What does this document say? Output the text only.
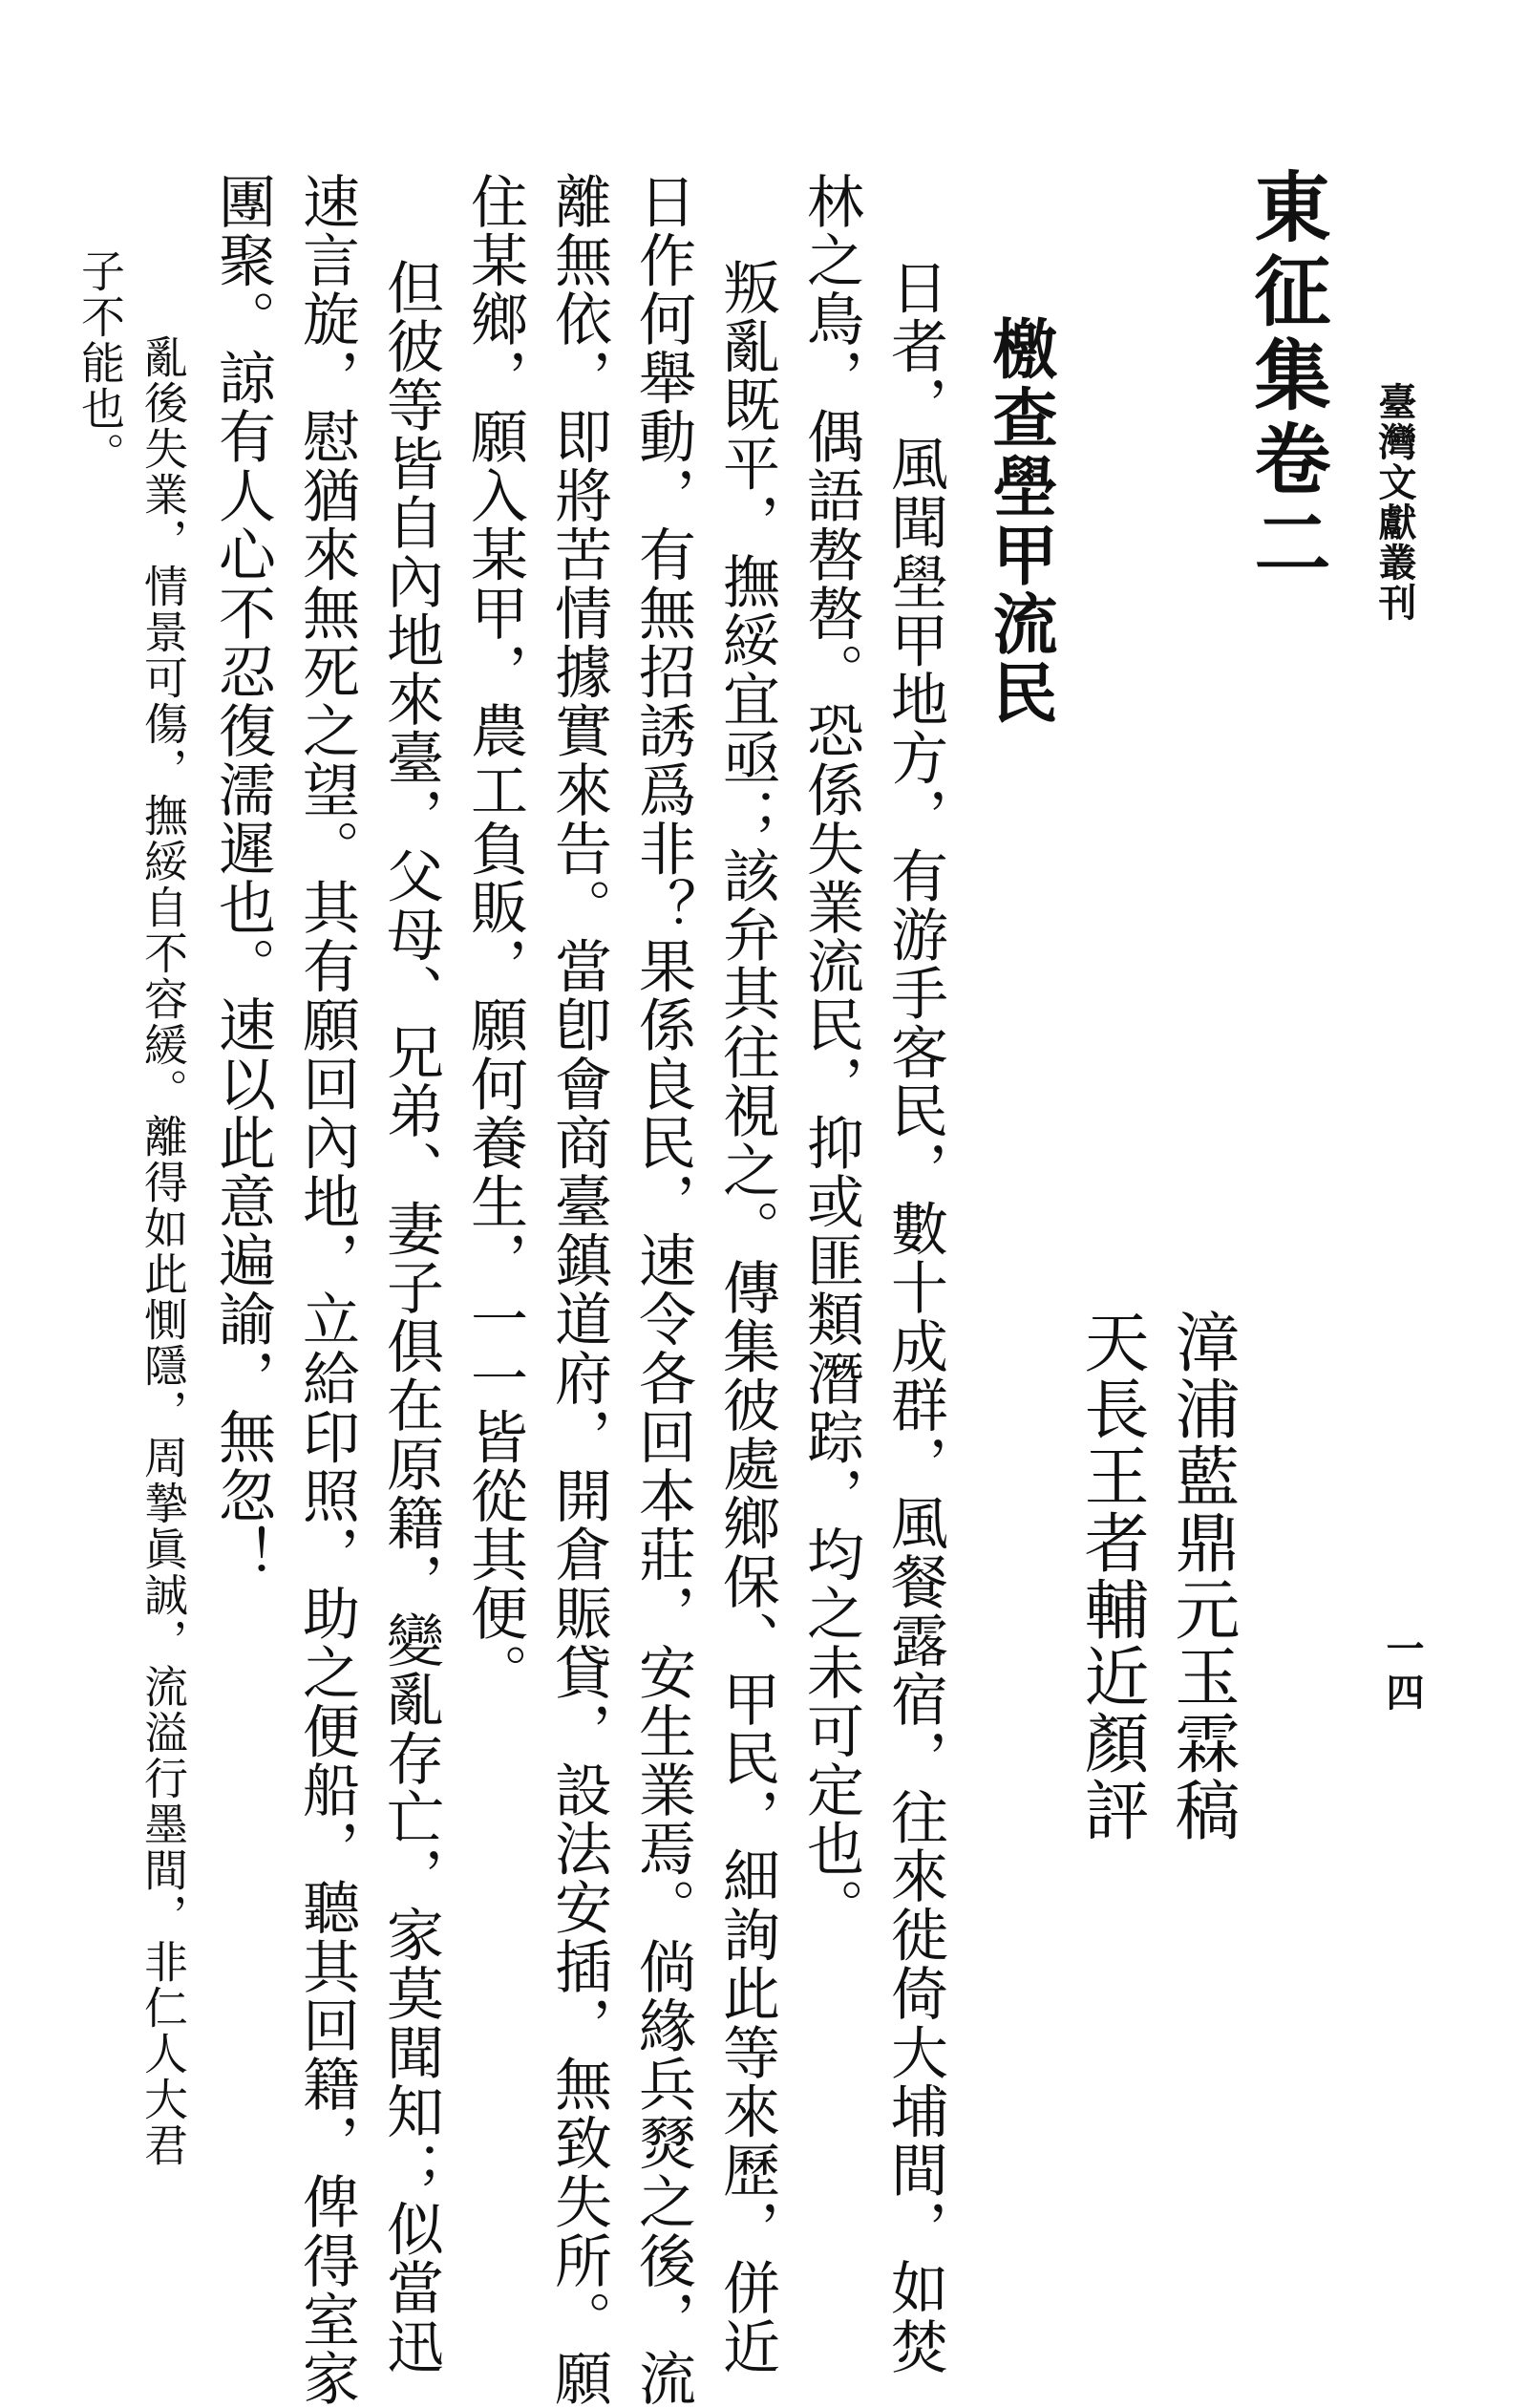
臺灣文獻叢刊
一四
東征集卷二
漳浦藍鼎元玉霖稿
天長王者輔近顏評
檄查壆甲流民
日者，風聞壆甲地方，有游手客民，數十成群，風餐露宿，往來徙倚大埔間，如焚
林之鳥，偶語嗸嗸。恐係失業流民，抑或匪類潛踪，均之未可定也。
叛亂既平，撫綏宜亟；該弁其往視之。傳集彼處鄉保、甲民，細詢此等來歷，併近
日作何舉動，有無招誘爲非？果係良民，速令各回本莊，安生業焉。倘緣兵燹之後，流
離無依，即將苦情據實來告。當卽會商臺鎮道府，開倉賑貸，設法安插，無致失所。願
住某鄉，願入某甲，農工負販，願何養生，一一皆從其便。
但彼等皆自內地來臺，父母、兄弟、妻子俱在原籍，變亂存亡，家莫聞知；似當迅
速言旋，慰猶來無死之望。其有願回內地，立給印照，助之便船，聽其回籍，俾得室家
團聚。諒有人心不忍復濡遲也。速以此意遍諭，無忽！
亂後失業，情景可傷，撫綏自不容緩。離得如此惻隱，周摯眞誠，流溢行墨間，非仁人大君
子不能也。
